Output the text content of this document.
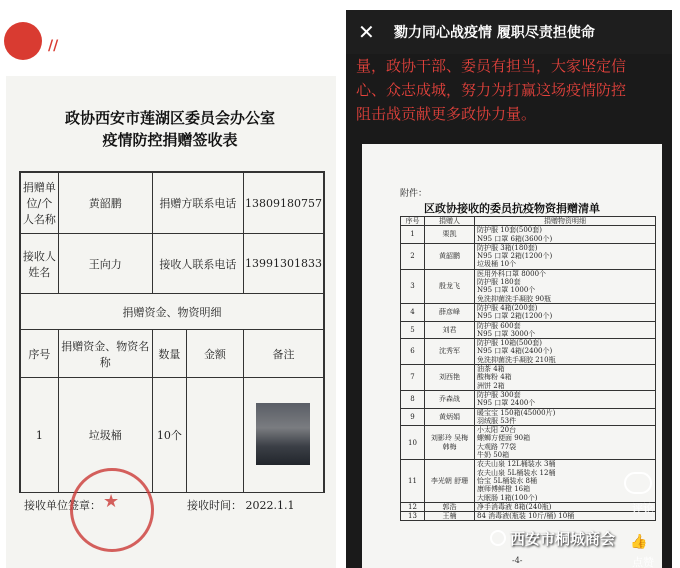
//
政协西安市莲湖区委员会办公室
疫情防控捐赠签收表
捐赠单位/个人名称	黄韶鹏	捐赠方联系电话		13809180757
接收人姓名	王向力	接收人联系电话		13991301833
捐赠资金、物资明细				
序号	捐赠资金、物资名称	数量	金额	备注
1	垃圾桶	10个		
接收单位签章：	接收时间： 2022.1.1
★
✕ 勠力同心战疫情 履职尽责担使命
量，政协干部、委员有担当，大家坚定信
心、众志成城，努力为打赢这场疫情防控
阻击战贡献更多政协力量。
附件：
区政协接收的委员抗疫物资捐赠清单
序号	捐赠人	捐赠物资明细
1	栗凯	防护服 10套(500套)
N95 口罩 6箱(3600个)

2	黄韶鹏	防护服 3箱(180套)
N95 口罩 2箱(1200个)
垃圾桶 10个

3	殷龙飞	医用外科口罩 8000个
防护服 180套
N95 口罩 1000个
免洗抑菌洗手凝胶 90瓶

4	薛彦峰	防护服 4箱(200套)
N95 口罩 2箱(1200个)

5	刘君	防护服 600套
N95 口罩 3000个

6	沈秀军	防护服 10箱(500套)
N95 口罩 4箱(2400个)
免洗抑菌洗手凝胶 210瓶

7	刘西艳	油茶 4箱
酸梅粉 4箱
洲饼 2箱

8	乔森战	防护服 300套
N95 口罩 2400个

9	黄炳娟	暖宝宝 150箱(45000片)
羽绒服 53件

10	刘影玲 吴梅 韩梅	小太阳 20台
螺蛳方便面 90箱
大观路 77袋
牛奶 50箱

11	李光朝 舒珊	农夫山泉 12L桶装水 3桶
农夫山泉 5L桶装水 12桶
恰宝 5L桶装水 8桶
康师傅鲜橙 16箱
大眠肠 1箱(100个)

12	郭浩	净手消毒液 8箱(240瓶)

13	王楠	84 消毒液(瓶装 10斤/桶) 10桶
-4-
评论
👍
点赞
西安市桐城商会
